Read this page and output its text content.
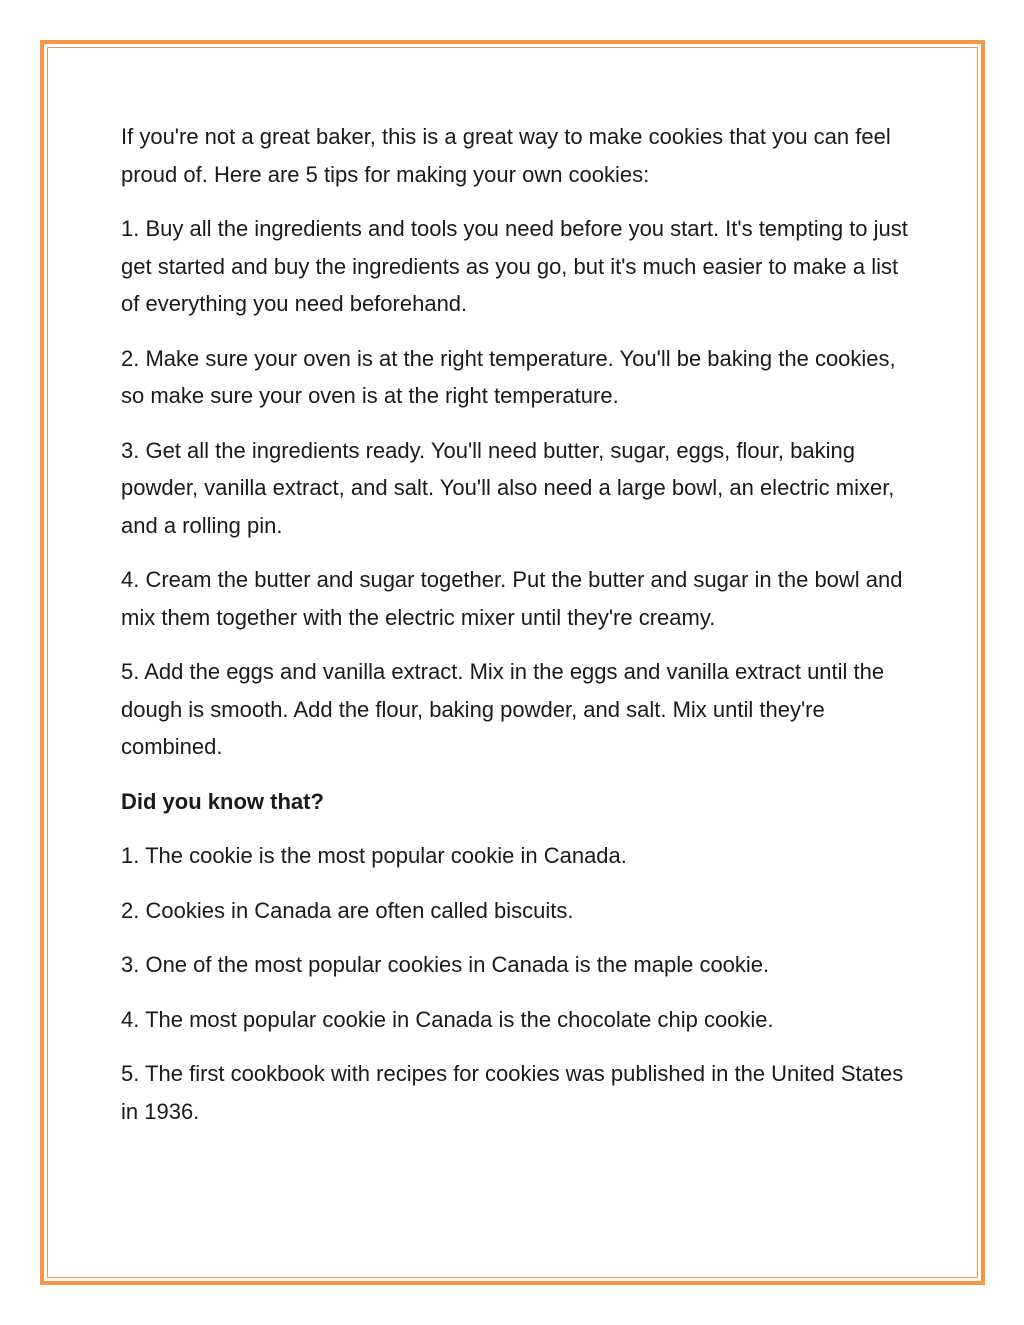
If you're not a great baker, this is a great way to make cookies that you can feel proud of. Here are 5 tips for making your own cookies:

1. Buy all the ingredients and tools you need before you start. It's tempting to just get started and buy the ingredients as you go, but it's much easier to make a list of everything you need beforehand.

2. Make sure your oven is at the right temperature. You'll be baking the cookies, so make sure your oven is at the right temperature.

3. Get all the ingredients ready. You'll need butter, sugar, eggs, flour, baking powder, vanilla extract, and salt. You'll also need a large bowl, an electric mixer, and a rolling pin.

4. Cream the butter and sugar together. Put the butter and sugar in the bowl and mix them together with the electric mixer until they're creamy.

5. Add the eggs and vanilla extract. Mix in the eggs and vanilla extract until the dough is smooth. Add the flour, baking powder, and salt. Mix until they're combined.

Did you know that?

1. The cookie is the most popular cookie in Canada.

2. Cookies in Canada are often called biscuits.

3. One of the most popular cookies in Canada is the maple cookie.

4. The most popular cookie in Canada is the chocolate chip cookie.

5. The first cookbook with recipes for cookies was published in the United States in 1936.
